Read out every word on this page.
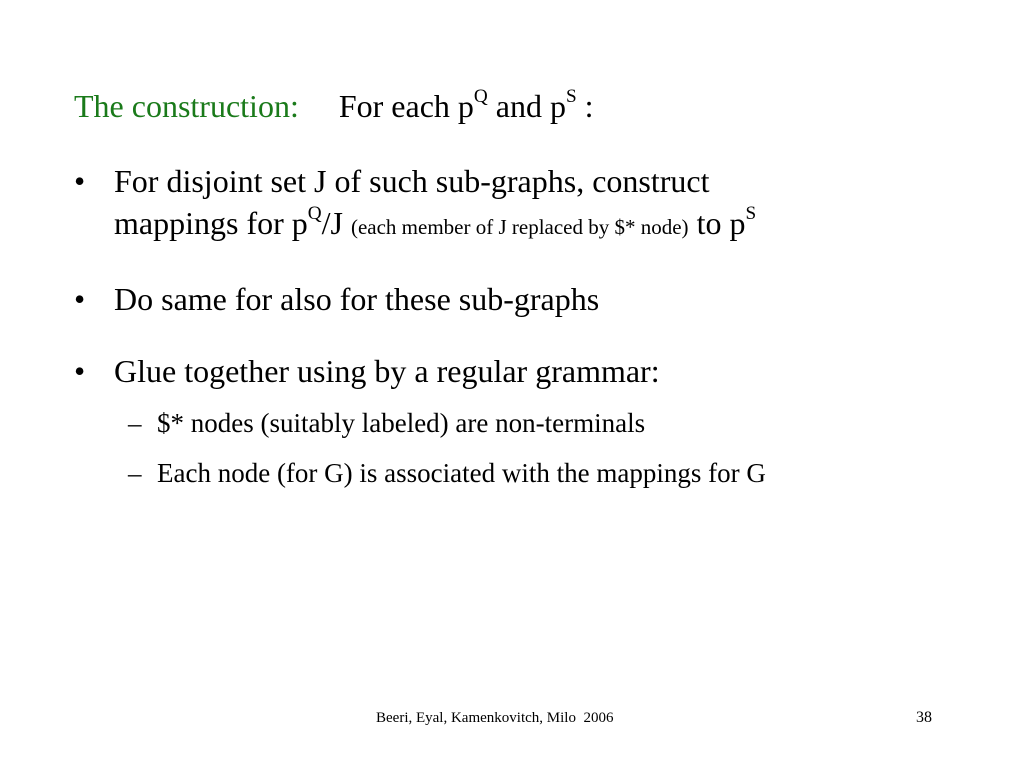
The construction: For each $p^Q$ and $p^S$ :
• For disjoint set J of such sub-graphs, construct
mappings for $p^Q/J$ (each member of J replaced by $* node) to $p^S$
• Do same for also for these sub-graphs
• Glue together using by a regular grammar:
– $* nodes (suitably labeled) are non-terminals
– Each node (for G) is associated with the mappings for G
Beeri, Eyal, Kamenkovitch, Milo  2006	38
